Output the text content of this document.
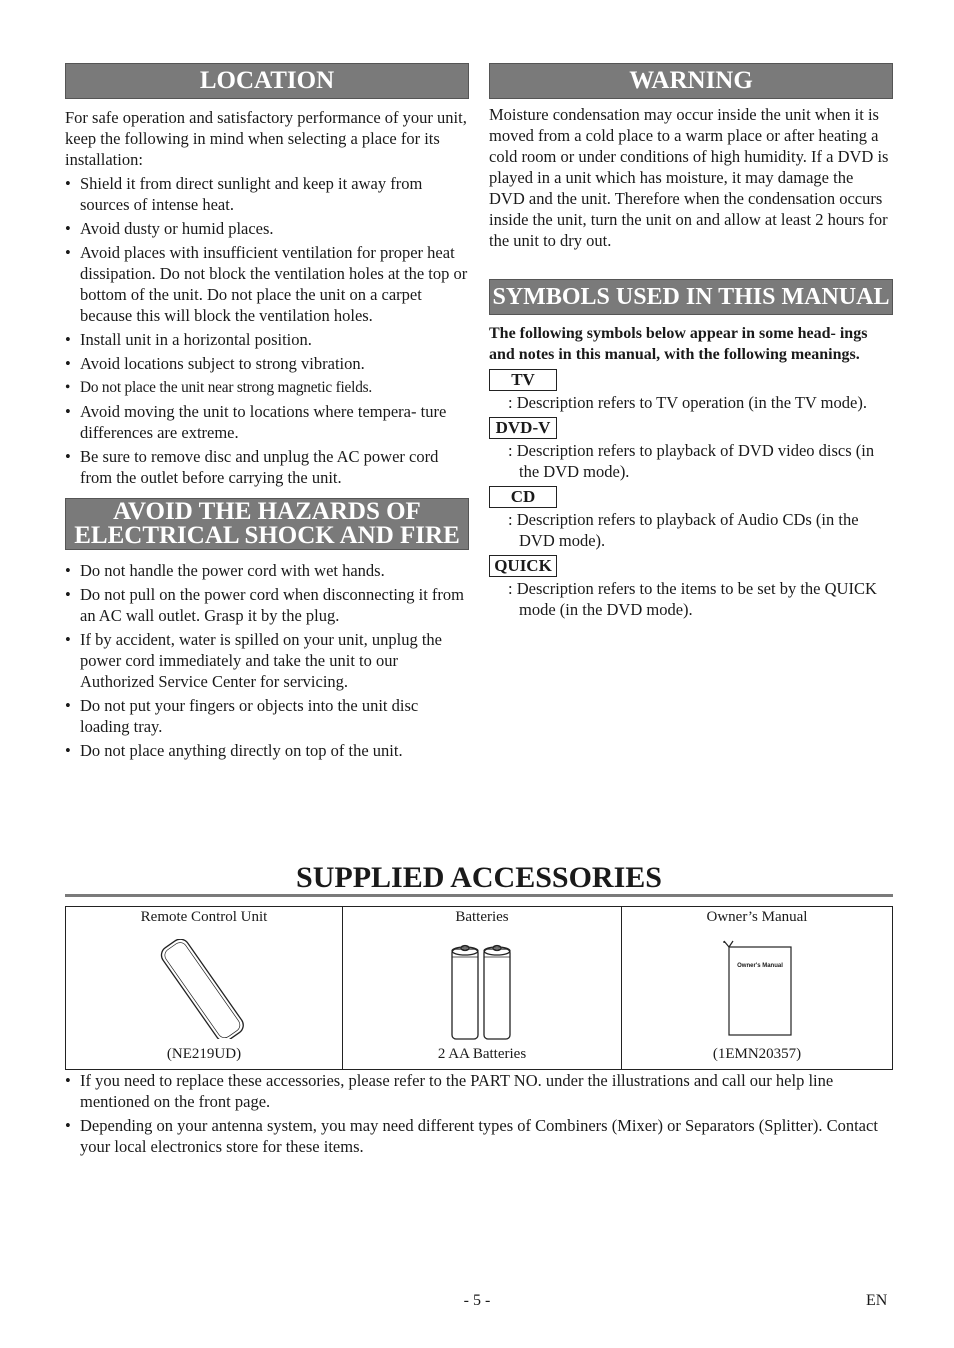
LOCATION

For safe operation and satisfactory performance of your unit, keep the following in mind when selecting a place for its installation:

• Shield it from direct sunlight and keep it away from sources of intense heat.
• Avoid dusty or humid places.
• Avoid places with insufficient ventilation for proper heat dissipation. Do not block the ventilation holes at the top or bottom of the unit. Do not place the unit on a carpet because this will block the ventilation holes.
• Install unit in a horizontal position.
• Avoid locations subject to strong vibration.
• Do not place the unit near strong magnetic fields.
• Avoid moving the unit to locations where tempera- ture differences are extreme.
• Be sure to remove disc and unplug the AC power cord from the outlet before carrying the unit.
AVOID THE HAZARDS OF
ELECTRICAL SHOCK AND FIRE
• Do not handle the power cord with wet hands.
• Do not pull on the power cord when disconnecting it from an AC wall outlet. Grasp it by the plug.
• If by accident, water is spilled on your unit, unplug the power cord immediately and take the unit to our Authorized Service Center for servicing.
• Do not put your fingers or objects into the unit disc loading tray.
• Do not place anything directly on top of the unit.
WARNING

Moisture condensation may occur inside the unit when it is moved from a cold place to a warm place or after heating a cold room or under conditions of high humidity. If a DVD is played in a unit which has moisture, it may damage the DVD and the unit. Therefore when the condensation occurs inside the unit, turn the unit on and allow at least 2 hours for the unit to dry out.

SYMBOLS USED IN THIS MANUAL

The following symbols below appear in some head- ings and notes in this manual, with the following meanings.

TV

: Description refers to TV operation (in the TV mode).

DVD-V

: Description refers to playback of DVD video discs (in the DVD mode).

CD

: Description refers to playback of Audio CDs (in the DVD mode).

QUICK

: Description refers to the items to be set by the QUICK mode (in the DVD mode).

SUPPLIED ACCESSORIES
Remote Control Unit
(NE219UD)
Batteries
2 AA Batteries
Owner’s Manual
Owner's Manual
(1EMN20357)
• If you need to replace these accessories, please refer to the PART NO. under the illustrations and call our help line mentioned on the front page.
• Depending on your antenna system, you may need different types of Combiners (Mixer) or Separators (Splitter). Contact your local electronics store for these items.
- 5 -	EN
